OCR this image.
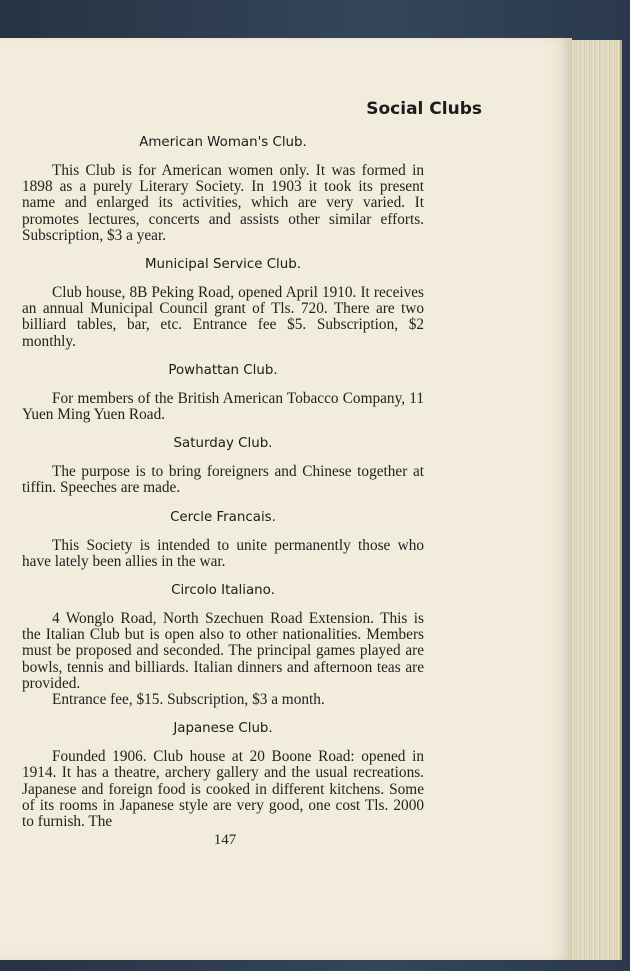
Social Clubs
American Woman's Club.

This Club is for American women only. It was formed in 1898 as a purely Literary Society. In 1903 it took its present name and enlarged its activities, which are very varied. It promotes lectures, concerts and assists other similar efforts. Subscription, $3 a year.

Municipal Service Club.

Club house, 8B Peking Road, opened April 1910. It receives an annual Municipal Council grant of Tls. 720. There are two billiard tables, bar, etc. Entrance fee $5. Subscription, $2 monthly.

Powhattan Club.

For members of the British American Tobacco Company, 11 Yuen Ming Yuen Road.

Saturday Club.

The purpose is to bring foreigners and Chinese together at tiffin. Speeches are made.

Cercle Francais.

This Society is intended to unite permanently those who have lately been allies in the war.

Circolo Italiano.

4 Wonglo Road, North Szechuen Road Extension. This is the Italian Club but is open also to other nationalities. Members must be proposed and seconded. The principal games played are bowls, tennis and billiards. Italian dinners and afternoon teas are provided.

Entrance fee, $15. Subscription, $3 a month.

Japanese Club.

Founded 1906. Club house at 20 Boone Road: opened in 1914. It has a theatre, archery gallery and the usual recreations. Japanese and foreign food is cooked in different kitchens. Some of its rooms in Japanese style are very good, one cost Tls. 2000 to furnish. The

147
